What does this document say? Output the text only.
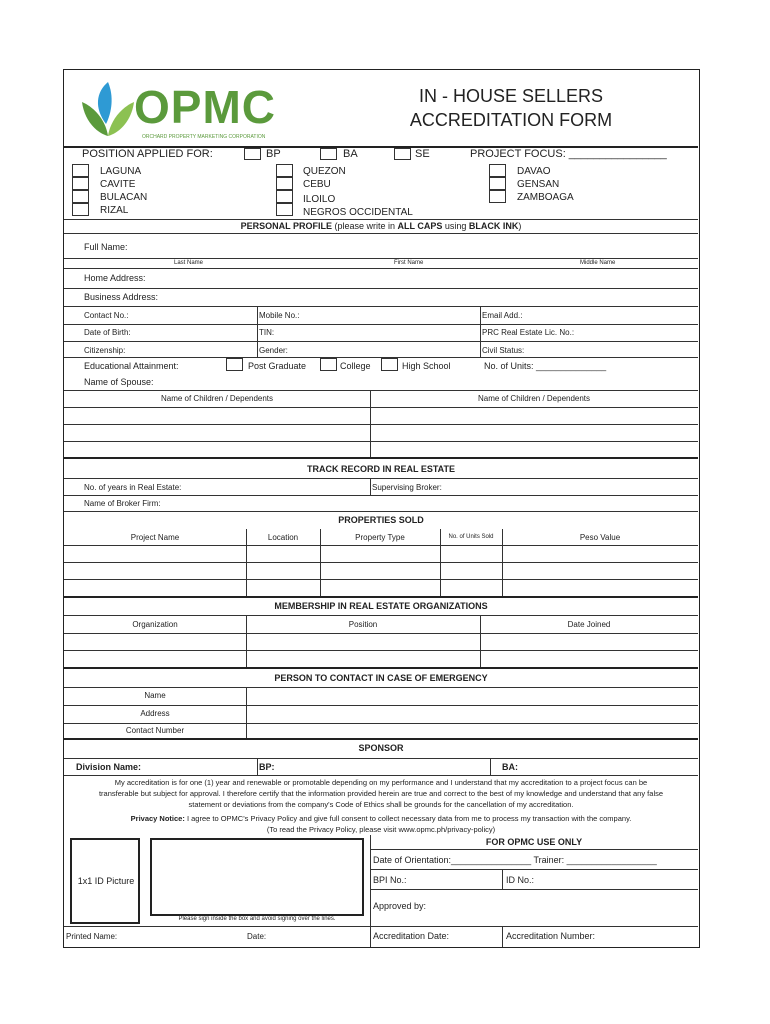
OPMC
ORCHARD PROPERTY MARKETING CORPORATION
IN - HOUSE SELLERS
ACCREDITATION FORM
POSITION APPLIED FOR:	BP	BA	SE	PROJECT FOCUS: ________________
LAGUNA
CAVITE
BULACAN
RIZAL
QUEZON
CEBU
ILOILO
NEGROS OCCIDENTAL
DAVAO
GENSAN
ZAMBOAGA
PERSONAL PROFILE (please write in ALL CAPS using BLACK INK)
Full Name:
Last Name	First Name	Middle Name
Home Address:
Business Address:
Contact No.:	Mobile No.:	Email Add.:
Date of Birth:	TIN:	PRC Real Estate Lic. No.:
Citizenship:	Gender:	Civil Status:
Educational Attainment:	Post Graduate	College	High School	No. of Units: ______________
Name of Spouse:
Name of Children / Dependents	Name of Children / Dependents
TRACK RECORD IN REAL ESTATE
No. of years in Real Estate:	Supervising Broker:
Name of Broker Firm:
PROPERTIES SOLD
Project Name	Location	Property Type	No. of Units Sold	Peso Value
MEMBERSHIP IN REAL ESTATE ORGANIZATIONS
Organization	Position	Date Joined
PERSON TO CONTACT IN CASE OF EMERGENCY
Name
Address
Contact Number
SPONSOR
Division Name:	BP:	BA:
My accreditation is for one (1) year and renewable or promotable depending on my performance and I understand that my accreditation to a project focus can be
transferable but subject for approval. I therefore certify that the information provided herein are true and correct to the best of my knowledge and understand that any false
statement or deviations from the company's Code of Ethics shall be grounds for the cancellation of my accreditation.
Privacy Notice: I agree to OPMC's Privacy Policy and give full consent to collect necessary data from me to process my transaction with the company.
(To read the Privacy Policy, please visit www.opmc.ph/privacy-policy)
1x1 ID Picture
Please sign inside the box and avoid signing over the lines.
Printed Name:	Date:
FOR OPMC USE ONLY
Date of Orientation:________________ Trainer: __________________
BPI No.:	ID No.:
Approved by:
Accreditation Date:	Accreditation Number:
